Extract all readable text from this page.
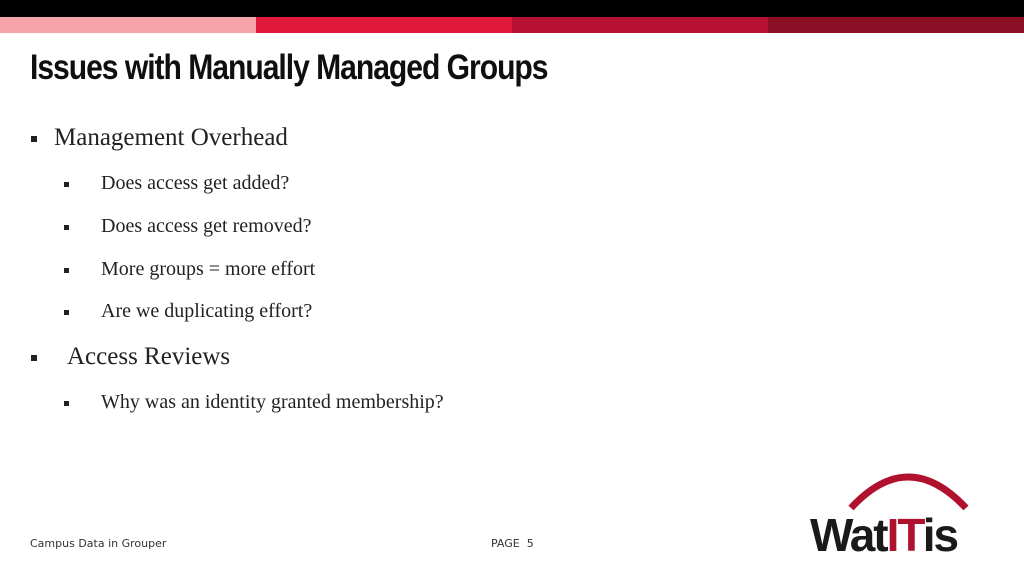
Issues with Manually Managed Groups
Management Overhead
Does access get added?
Does access get removed?
More groups = more effort
Are we duplicating effort?
Access Reviews
Why was an identity granted membership?
Campus Data in Grouper	PAGE 5	WatITis
